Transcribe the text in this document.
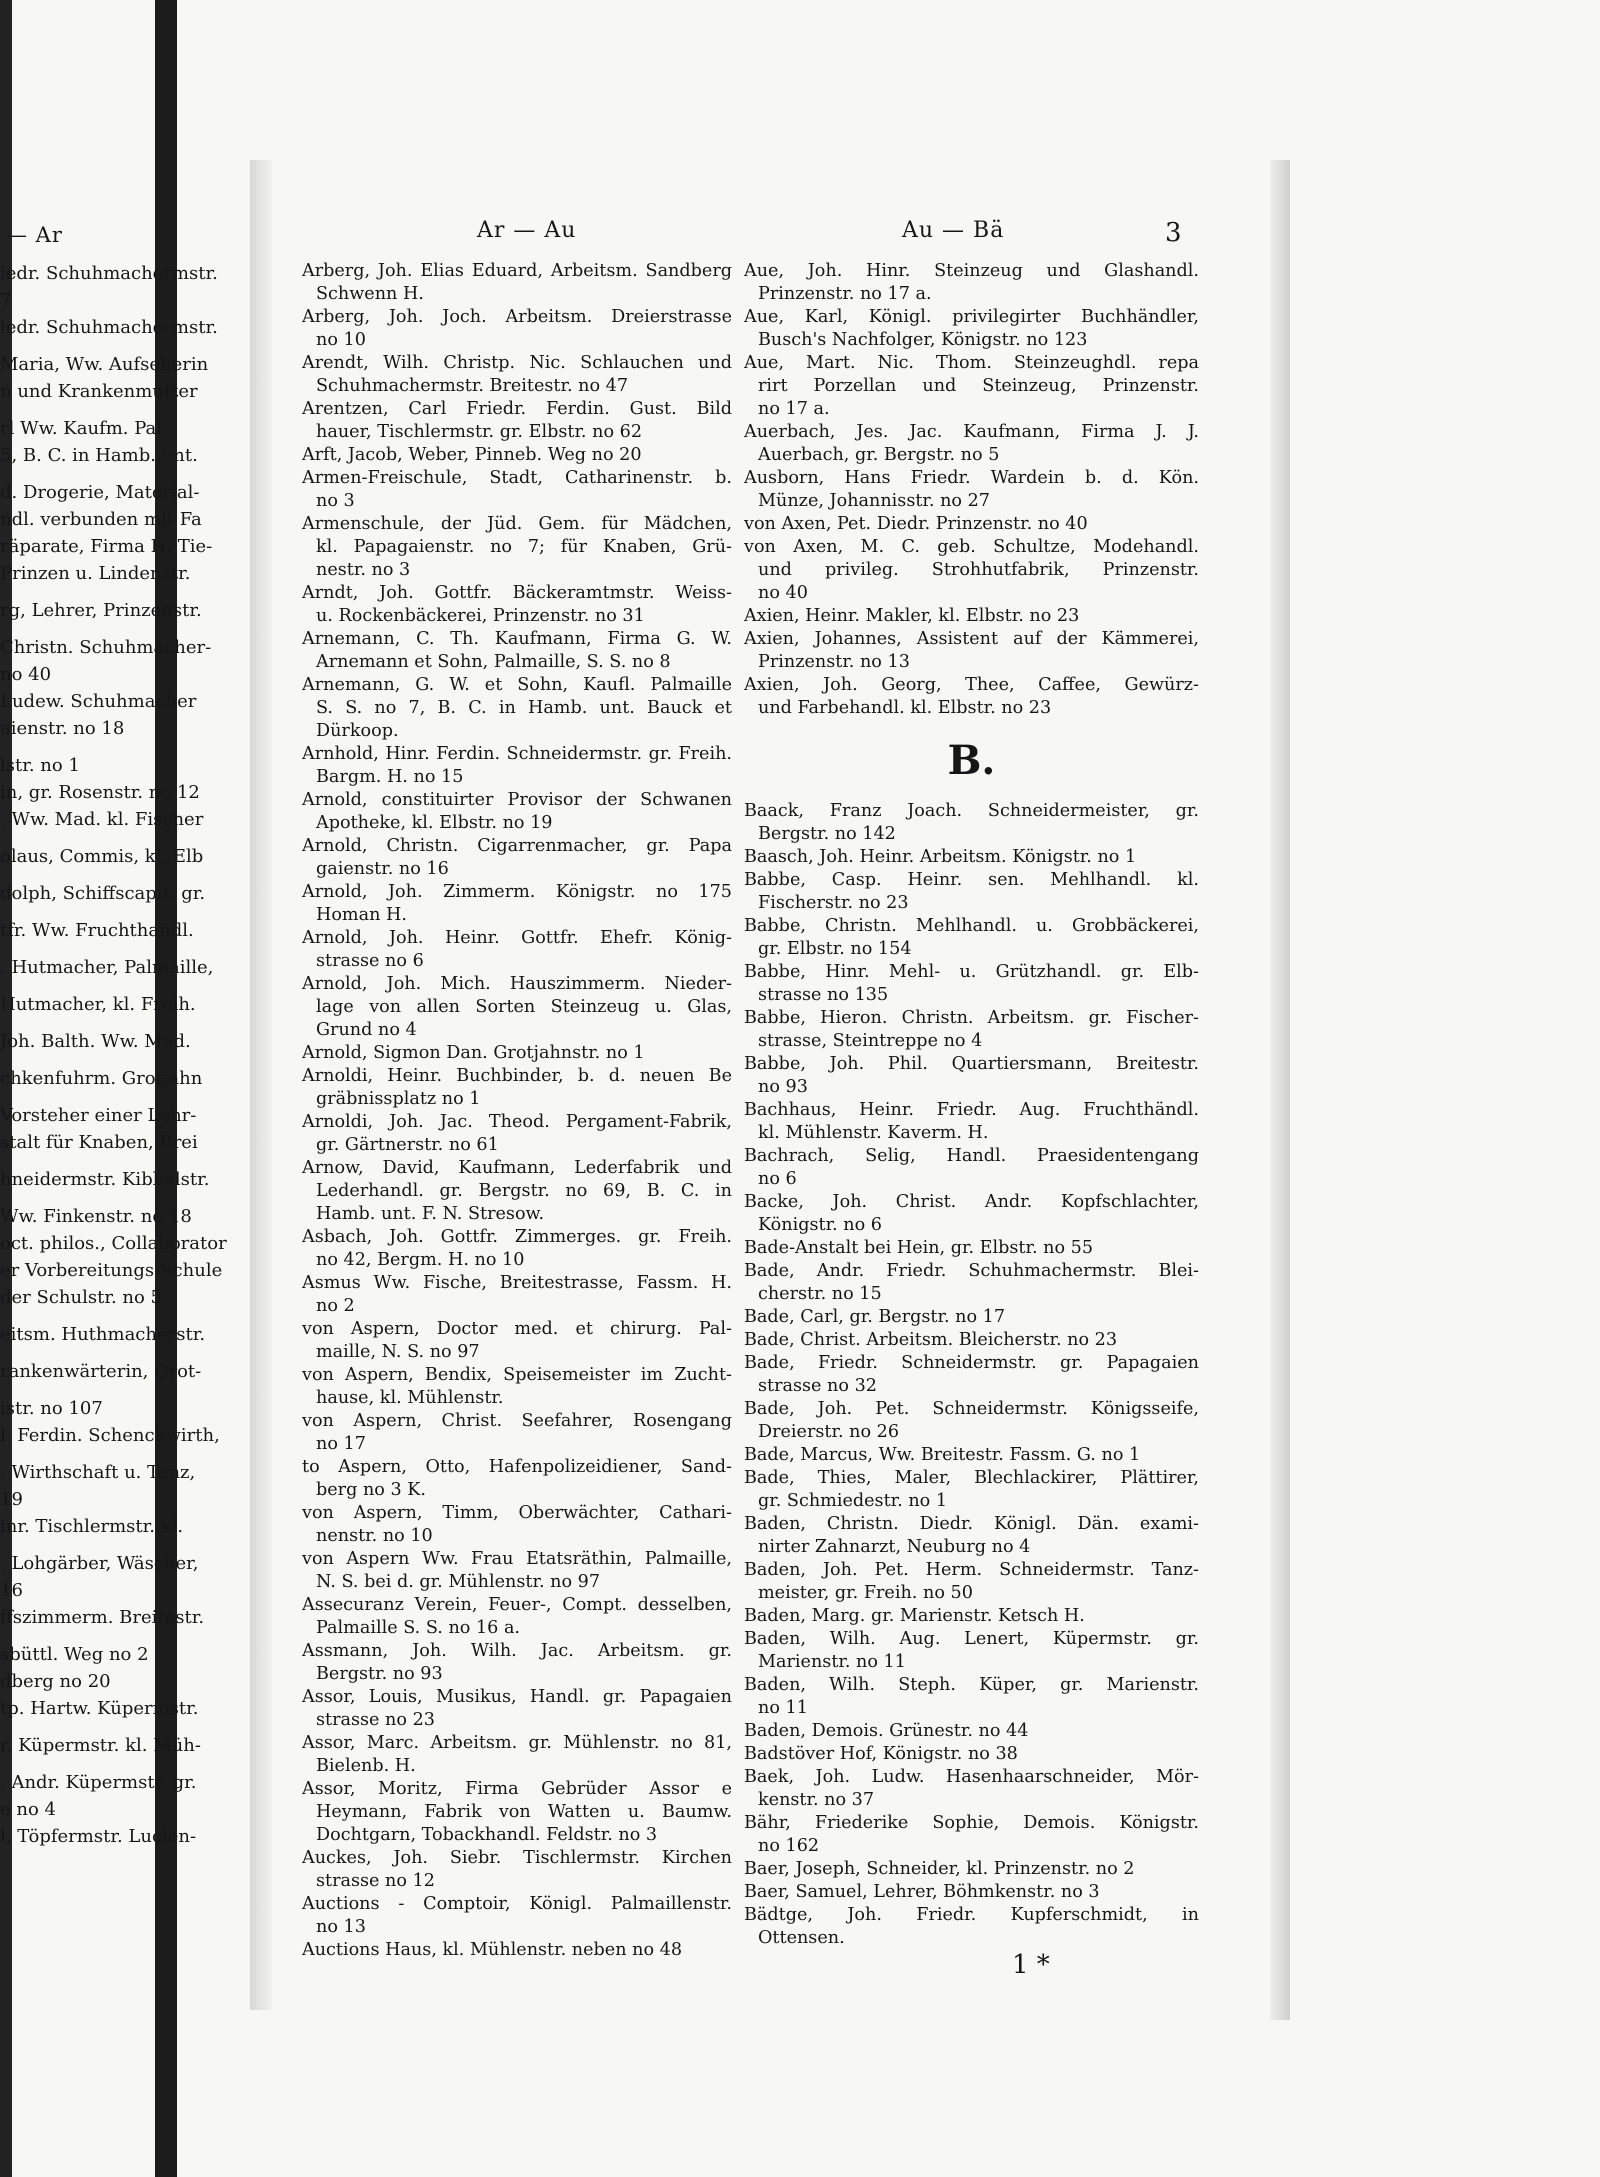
— Ar
iedr. Schuhmachermstr.
7
iedr. Schuhmachermstr.
Maria, Ww. Aufseherin
n und Krankenmutter
rl Ww. Kaufm. Pal
5, B. C. in Hamb. unt.
d. Drogerie, Material-
ndl. verbunden mit Fa
räparate, Firma H. Tie-
Prinzen u. Lindenstr.
rg, Lehrer, Prinzenstr.
Christn. Schuhmacher-
no 40
Ludew. Schuhmacher
aienstr. no 18
lstr. no 1
in, gr. Rosenstr. no 12
. Ww. Mad. kl. Fischer
olaus, Commis, kl. Elb
dolph, Schiffscapit. gr.
tfr. Ww. Fruchthandl.
. Hutmacher, Palmaille,
Hutmacher, kl. Freih.
Joh. Balth. Ww. Mad.
chkenfuhrm. Grotjahn
Vorsteher einer Lehr-
stalt für Knaben, Brei
hneidermstr. Kibbelstr.
Ww. Finkenstr. no 18
oct. philos., Collaborator
er Vorbereitungs-Schule
der Schulstr. no 5
eitsm. Huthmacherstr.
rankenwärterin, Grot-
istr. no 107
l. Ferdin. Schenckwirth,
. Wirthschaft u. Tanz,
19
inr. Tischlermstr. kl.
. Lohgärber, Wäscher,
16
ffszimmerm. Breitestr.
sbüttl. Weg no 2
dberg no 20
tp. Hartw. Küpermstr.
r. Küpermstr. kl. Müh-
. Andr. Küpermstr. gr.
e no 4
l, Töpfermstr. Lucien-
Ar — Au	Au — Bä	3
Arberg, Joh. Elias Eduard, Arbeitsm. Sandberg
Schwenn H.
Arberg, Joh. Joch. Arbeitsm. Dreierstrasse
no 10
Arendt, Wilh. Christp. Nic. Schlauchen und
Schuhmachermstr. Breitestr. no 47
Arentzen, Carl Friedr. Ferdin. Gust. Bild
hauer, Tischlermstr. gr. Elbstr. no 62
Arft, Jacob, Weber, Pinneb. Weg no 20
Armen-Freischule, Stadt, Catharinenstr. b.
no 3
Armenschule, der Jüd. Gem. für Mädchen,
kl. Papagaienstr. no 7; für Knaben, Grü-
nestr. no 3
Arndt, Joh. Gottfr. Bäckeramtmstr. Weiss-
u. Rockenbäckerei, Prinzenstr. no 31
Arnemann, C. Th. Kaufmann, Firma G. W.
Arnemann et Sohn, Palmaille, S. S. no 8
Arnemann, G. W. et Sohn, Kaufl. Palmaille
S. S. no 7, B. C. in Hamb. unt. Bauck et
Dürkoop.
Arnhold, Hinr. Ferdin. Schneidermstr. gr. Freih.
Bargm. H. no 15
Arnold, constituirter Provisor der Schwanen
Apotheke, kl. Elbstr. no 19
Arnold, Christn. Cigarrenmacher, gr. Papa
gaienstr. no 16
Arnold, Joh. Zimmerm. Königstr. no 175
Homan H.
Arnold, Joh. Heinr. Gottfr. Ehefr. König-
strasse no 6
Arnold, Joh. Mich. Hauszimmerm. Nieder-
lage von allen Sorten Steinzeug u. Glas,
Grund no 4
Arnold, Sigmon Dan. Grotjahnstr. no 1
Arnoldi, Heinr. Buchbinder, b. d. neuen Be
gräbnissplatz no 1
Arnoldi, Joh. Jac. Theod. Pergament-Fabrik,
gr. Gärtnerstr. no 61
Arnow, David, Kaufmann, Lederfabrik und
Lederhandl. gr. Bergstr. no 69, B. C. in
Hamb. unt. F. N. Stresow.
Asbach, Joh. Gottfr. Zimmerges. gr. Freih.
no 42, Bergm. H. no 10
Asmus Ww. Fische, Breitestrasse, Fassm. H.
no 2
von Aspern, Doctor med. et chirurg. Pal-
maille, N. S. no 97
von Aspern, Bendix, Speisemeister im Zucht-
hause, kl. Mühlenstr.
von Aspern, Christ. Seefahrer, Rosengang
no 17
to Aspern, Otto, Hafenpolizeidiener, Sand-
berg no 3 K.
von Aspern, Timm, Oberwächter, Cathari-
nenstr. no 10
von Aspern Ww. Frau Etatsräthin, Palmaille,
N. S. bei d. gr. Mühlenstr. no 97
Assecuranz Verein, Feuer-, Compt. desselben,
Palmaille S. S. no 16 a.
Assmann, Joh. Wilh. Jac. Arbeitsm. gr.
Bergstr. no 93
Assor, Louis, Musikus, Handl. gr. Papagaien
strasse no 23
Assor, Marc. Arbeitsm. gr. Mühlenstr. no 81,
Bielenb. H.
Assor, Moritz, Firma Gebrüder Assor e
Heymann, Fabrik von Watten u. Baumw.
Dochtgarn, Tobackhandl. Feldstr. no 3
Auckes, Joh. Siebr. Tischlermstr. Kirchen
strasse no 12
Auctions - Comptoir, Königl. Palmaillenstr.
no 13
Auctions Haus, kl. Mühlenstr. neben no 48
Aue, Joh. Hinr. Steinzeug und Glashandl.
Prinzenstr. no 17 a.
Aue, Karl, Königl. privilegirter Buchhändler,
Busch's Nachfolger, Königstr. no 123
Aue, Mart. Nic. Thom. Steinzeughdl. repa
rirt Porzellan und Steinzeug, Prinzenstr.
no 17 a.
Auerbach, Jes. Jac. Kaufmann, Firma J. J.
Auerbach, gr. Bergstr. no 5
Ausborn, Hans Friedr. Wardein b. d. Kön.
Münze, Johannisstr. no 27
von Axen, Pet. Diedr. Prinzenstr. no 40
von Axen, M. C. geb. Schultze, Modehandl.
und privileg. Strohhutfabrik, Prinzenstr.
no 40
Axien, Heinr. Makler, kl. Elbstr. no 23
Axien, Johannes, Assistent auf der Kämmerei,
Prinzenstr. no 13
Axien, Joh. Georg, Thee, Caffee, Gewürz-
und Farbehandl. kl. Elbstr. no 23
B.
Baack, Franz Joach. Schneidermeister, gr.
Bergstr. no 142
Baasch, Joh. Heinr. Arbeitsm. Königstr. no 1
Babbe, Casp. Heinr. sen. Mehlhandl. kl.
Fischerstr. no 23
Babbe, Christn. Mehlhandl. u. Grobbäckerei,
gr. Elbstr. no 154
Babbe, Hinr. Mehl- u. Grützhandl. gr. Elb-
strasse no 135
Babbe, Hieron. Christn. Arbeitsm. gr. Fischer-
strasse, Steintreppe no 4
Babbe, Joh. Phil. Quartiersmann, Breitestr.
no 93
Bachhaus, Heinr. Friedr. Aug. Fruchthändl.
kl. Mühlenstr. Kaverm. H.
Bachrach, Selig, Handl. Praesidentengang
no 6
Backe, Joh. Christ. Andr. Kopfschlachter,
Königstr. no 6
Bade-Anstalt bei Hein, gr. Elbstr. no 55
Bade, Andr. Friedr. Schuhmachermstr. Blei-
cherstr. no 15
Bade, Carl, gr. Bergstr. no 17
Bade, Christ. Arbeitsm. Bleicherstr. no 23
Bade, Friedr. Schneidermstr. gr. Papagaien
strasse no 32
Bade, Joh. Pet. Schneidermstr. Königsseife,
Dreierstr. no 26
Bade, Marcus, Ww. Breitestr. Fassm. G. no 1
Bade, Thies, Maler, Blechlackirer, Plättirer,
gr. Schmiedestr. no 1
Baden, Christn. Diedr. Königl. Dän. exami-
nirter Zahnarzt, Neuburg no 4
Baden, Joh. Pet. Herm. Schneidermstr. Tanz-
meister, gr. Freih. no 50
Baden, Marg. gr. Marienstr. Ketsch H.
Baden, Wilh. Aug. Lenert, Küpermstr. gr.
Marienstr. no 11
Baden, Wilh. Steph. Küper, gr. Marienstr.
no 11
Baden, Demois. Grünestr. no 44
Badstöver Hof, Königstr. no 38
Baek, Joh. Ludw. Hasenhaarschneider, Mör-
kenstr. no 37
Bähr, Friederike Sophie, Demois. Königstr.
no 162
Baer, Joseph, Schneider, kl. Prinzenstr. no 2
Baer, Samuel, Lehrer, Böhmkenstr. no 3
Bädtge, Joh. Friedr. Kupferschmidt, in
Ottensen.
1 *
